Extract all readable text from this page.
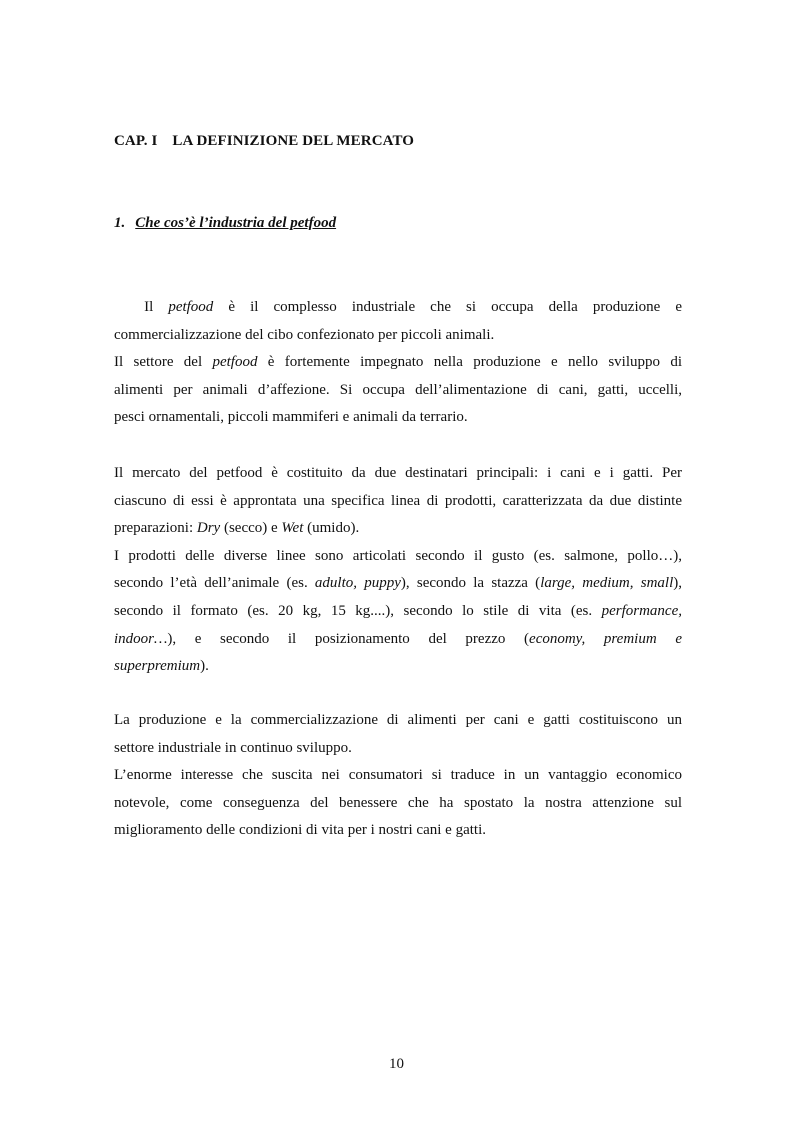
CAP. I LA DEFINIZIONE DEL MERCATO
1. Che cos’è l’industria del petfood
Il petfood è il complesso industriale che si occupa della produzione e
commercializzazione del cibo confezionato per piccoli animali.
Il settore del petfood è fortemente impegnato nella produzione e nello sviluppo di
alimenti per animali d’affezione. Si occupa dell’alimentazione di cani, gatti, uccelli,
pesci ornamentali, piccoli mammiferi e animali da terrario.
Il mercato del petfood è costituito da due destinatari principali: i cani e i gatti. Per
ciascuno di essi è approntata una specifica linea di prodotti, caratterizzata da due distinte
preparazioni: Dry (secco) e Wet (umido).
I prodotti delle diverse linee sono articolati secondo il gusto (es. salmone, pollo…),
secondo l’età dell’animale (es. adulto, puppy), secondo la stazza (large, medium, small),
secondo il formato (es. 20 kg, 15 kg....), secondo lo stile di vita (es. performance,
indoor…), e secondo il posizionamento del prezzo (economy, premium e
superpremium).
La produzione e la commercializzazione di alimenti per cani e gatti costituiscono un
settore industriale in continuo sviluppo.
L’enorme interesse che suscita nei consumatori si traduce in un vantaggio economico
notevole, come conseguenza del benessere che ha spostato la nostra attenzione sul
miglioramento delle condizioni di vita per i nostri cani e gatti.
10
